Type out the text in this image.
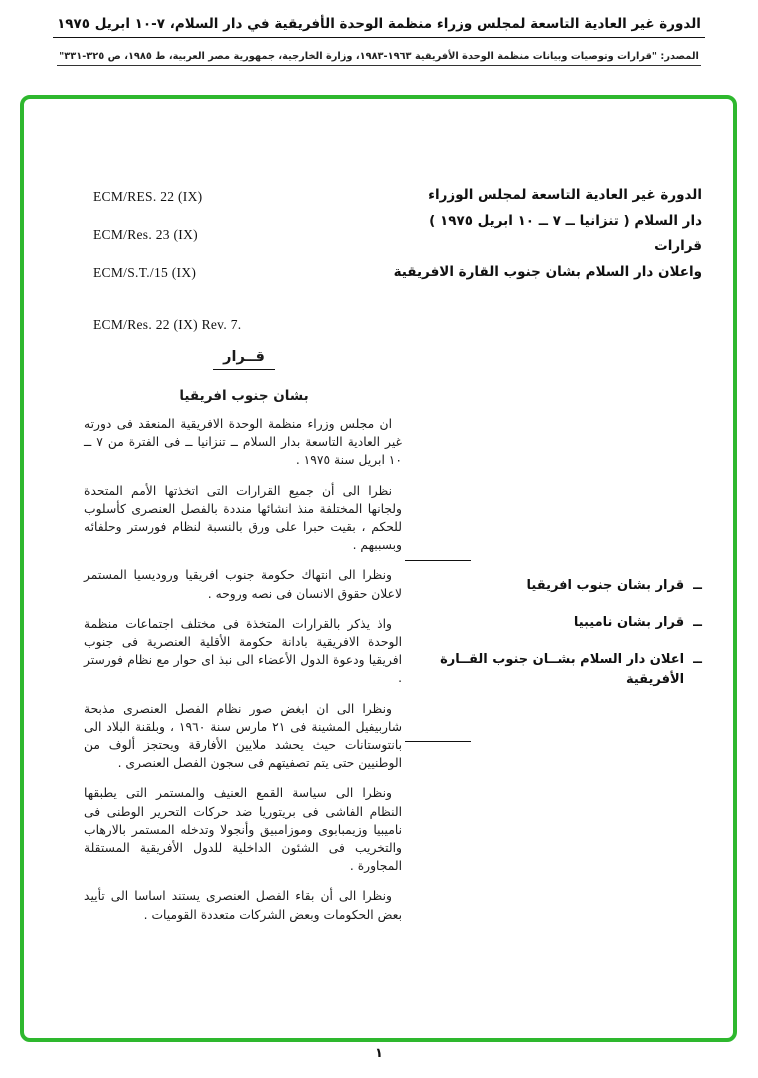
الدورة غير العادية التاسعة لمجلس وزراء منظمة الوحدة الأفريقية في دار السلام، ٧-١٠ ابريل ١٩٧٥
المصدر: "قرارات وتوصيات وبيانات منظمة الوحدة الأفريقية ١٩٦٣-١٩٨٣، وزارة الخارجية، جمهورية مصر العربية، ط ١٩٨٥، ص ٣٢٥-٣٣١"
ECM/RES. 22 (IX)
ECM/Res. 23 (IX)
ECM/S.T./15 (IX)
ECM/Res. 22 (IX) Rev. 7.
الدورة غير العادية التاسعة لمجلس الوزراء
دار السلام ( تنزانيا ــ ٧ ــ ١٠ ابريل ١٩٧٥ )
قرارات
واعلان دار السلام بشان جنوب القارة الافريقية
قــرار
بشان جنوب افريقيا

ان مجلس وزراء منظمة الوحدة الافريقية المنعقد فى دورته غير العادية التاسعة بدار السلام ــ تنزانيا ــ فى الفترة من ٧ ــ ١٠ ابريل سنة ١٩٧٥ .

نظرا الى أن جميع القرارات التى اتخذتها الأمم المتحدة ولجانها المختلفة منذ انشائها منددة بالفصل العنصرى كأسلوب للحكم ، بقيت حبرا على ورق بالنسبة لنظام فورستر وحلفائه وبسببهم .

ونظرا الى انتهاك حكومة جنوب افريقيا وروديسيا المستمر لاعلان حقوق الانسان فى نصه وروحه .

واذ يذكر بالقرارات المتخذة فى مختلف اجتماعات منظمة الوحدة الافريقية بادانة حكومة الأقلية العنصرية فى جنوب افريقيا ودعوة الدول الأعضاء الى نبذ اى حوار مع نظام فورستر .

ونظرا الى ان ابغض صور نظام الفصل العنصرى مذبحة شاربيفيل المشينة فى ٢١ مارس سنة ١٩٦٠ ، وبلقنة البلاد الى بانتوستانات حيث يحشد ملايين الأفارقة ويحتجز ألوف من الوطنيين حتى يتم تصفيتهم فى سجون الفصل العنصرى .

ونظرا الى سياسة القمع العنيف والمستمر التى يطبقها النظام الفاشى فى بريتوريا ضد حركات التحرير الوطنى فى ناميبيا وزيمبابوى وموزامبيق وأنجولا وتدخله المستمر بالارهاب والتخريب فى الشئون الداخلية للدول الأفريقية المستقلة المجاورة .

ونظرا الى أن بقاء الفصل العنصرى يستند اساسا الى تأييد بعض الحكومات وبعض الشركات متعددة القوميات .

ــ
قرار بشان جنوب افريقيا
ــ
قرار بشان ناميبيا
ــ
اعلان دار السلام بشــان جنوب القــارة الأفريقية
١
